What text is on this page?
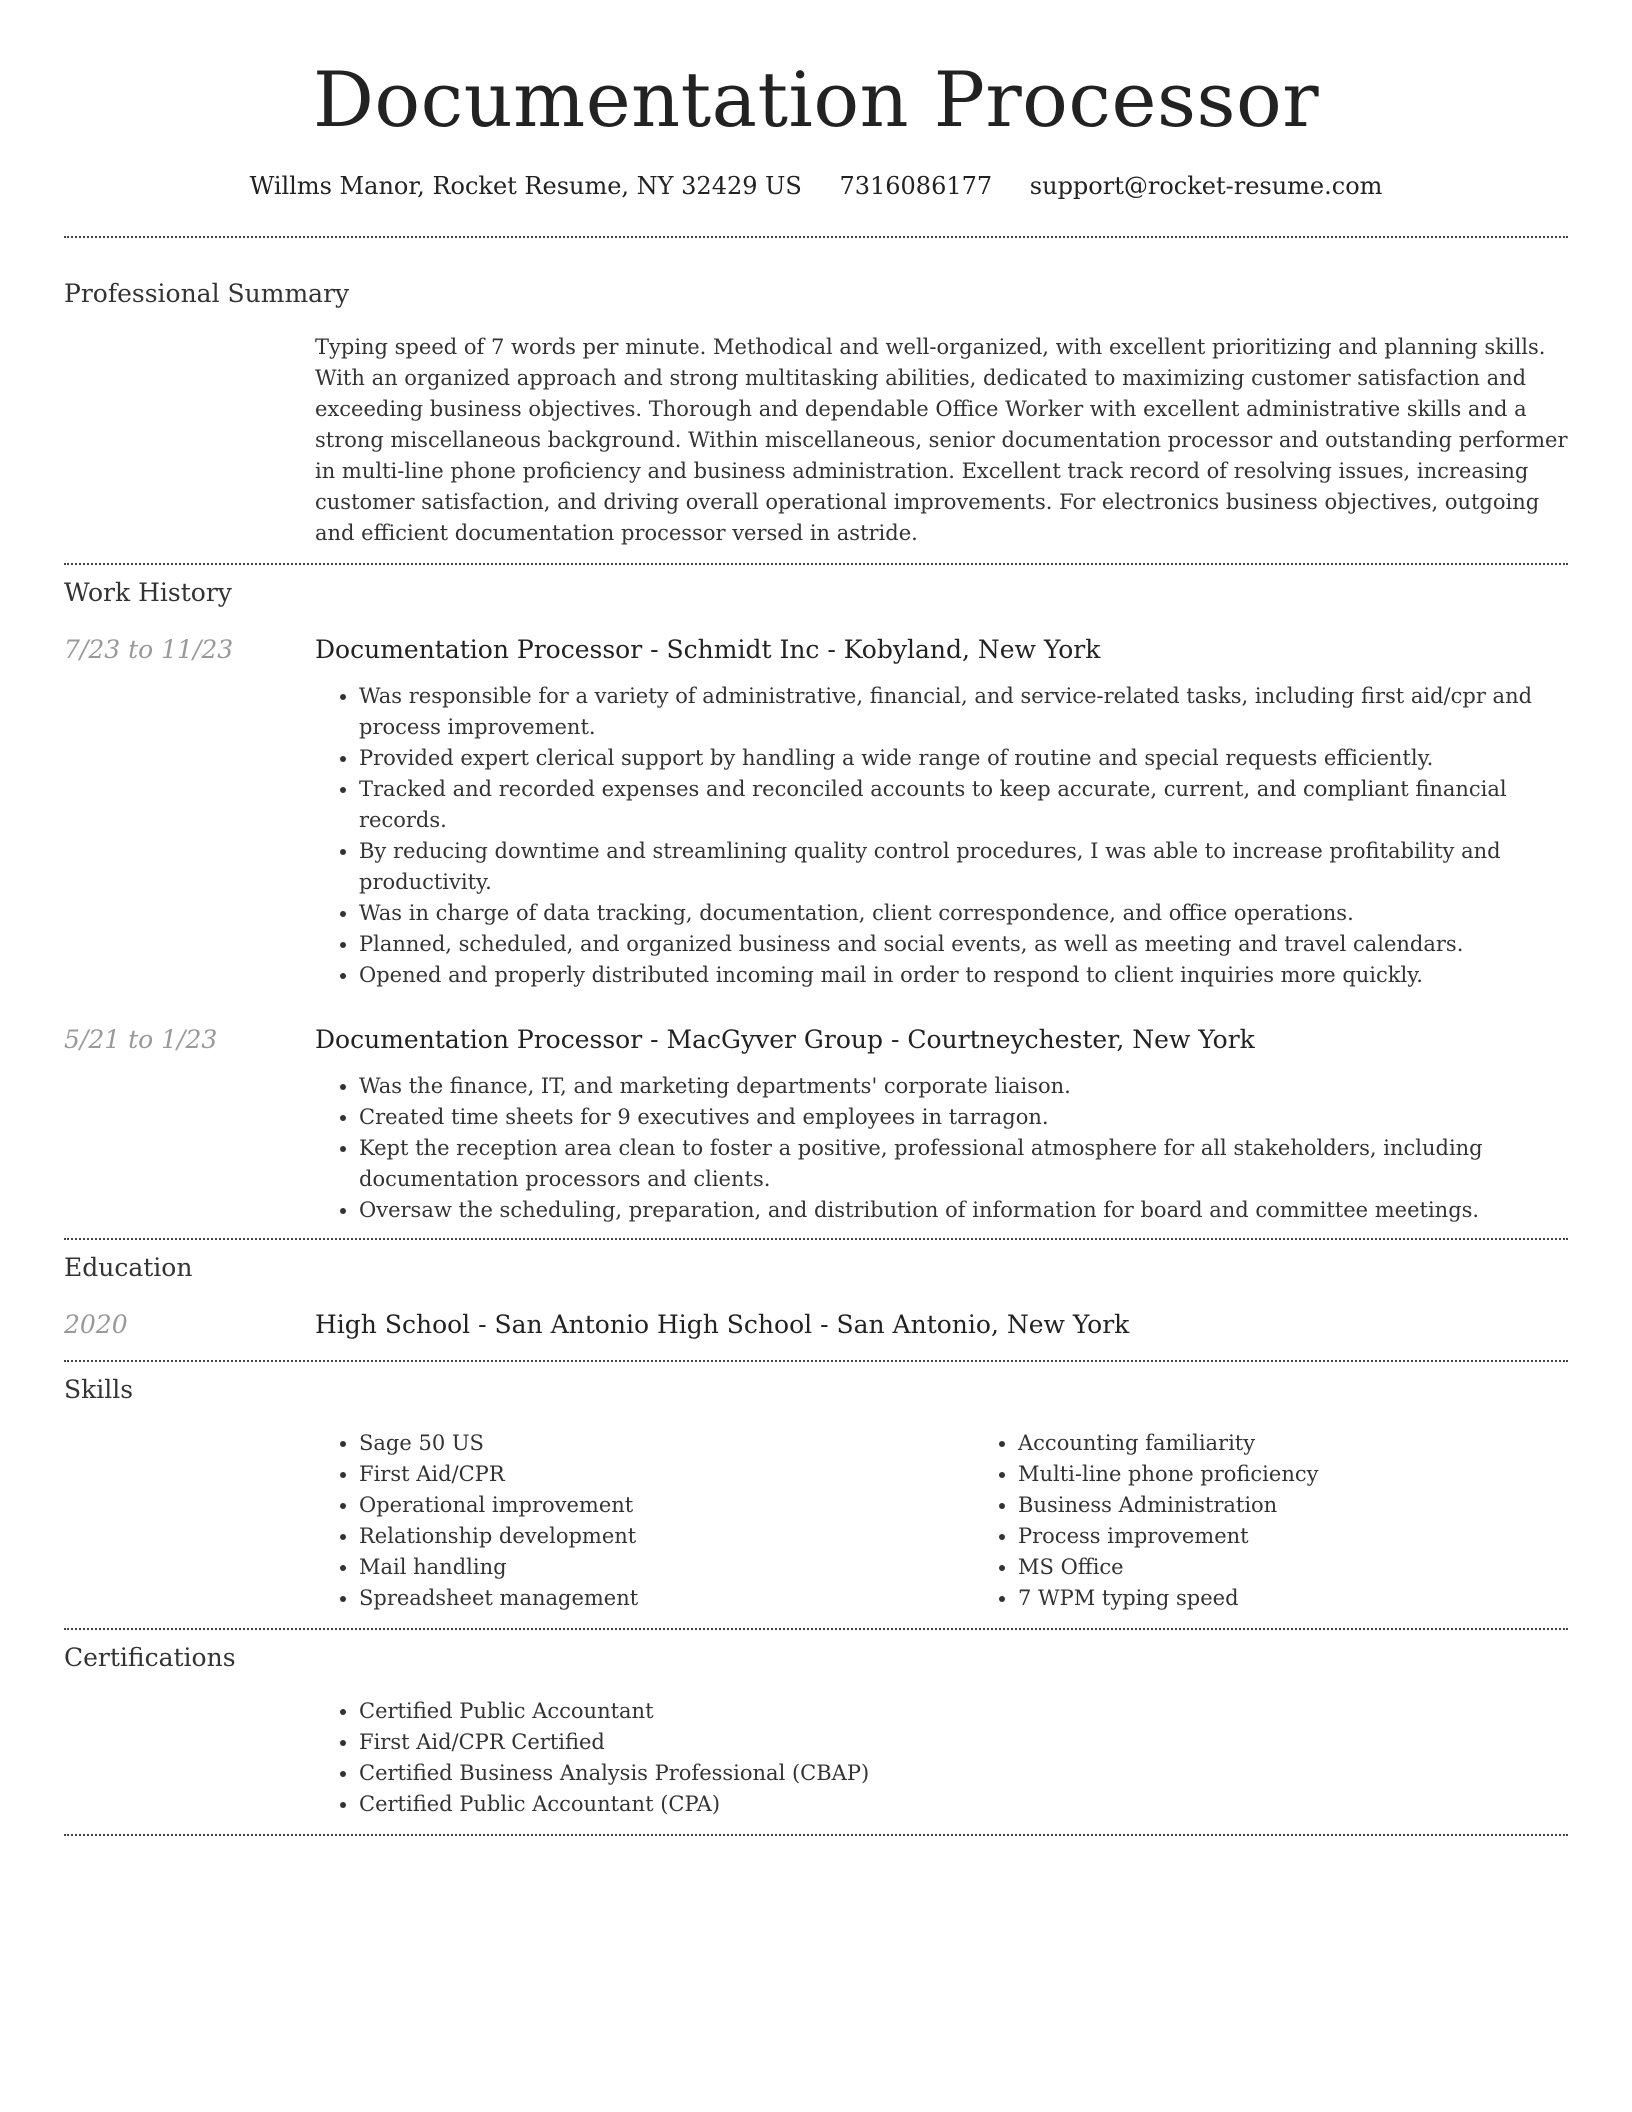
Documentation Processor
Willms Manor, Rocket Resume, NY 32429 US 7316086177 support@rocket-resume.com
Professional Summary

Typing speed of 7 words per minute. Methodical and well-organized, with excellent prioritizing and planning skills. With an organized approach and strong multitasking abilities, dedicated to maximizing customer satisfaction and exceeding business objectives. Thorough and dependable Office Worker with excellent administrative skills and a strong miscellaneous background. Within miscellaneous, senior documentation processor and outstanding performer in multi-line phone proficiency and business administration. Excellent track record of resolving issues, increasing customer satisfaction, and driving overall operational improvements. For electronics business objectives, outgoing and efficient documentation processor versed in astride.

Work History
7/23 to 11/23	Documentation Processor - Schmidt Inc - Kobyland, New York
• Was responsible for a variety of administrative, financial, and service-related tasks, including first aid/cpr and process improvement.
• Provided expert clerical support by handling a wide range of routine and special requests efficiently.
• Tracked and recorded expenses and reconciled accounts to keep accurate, current, and compliant financial records.
• By reducing downtime and streamlining quality control procedures, I was able to increase profitability and productivity.
• Was in charge of data tracking, documentation, client correspondence, and office operations.
• Planned, scheduled, and organized business and social events, as well as meeting and travel calendars.
• Opened and properly distributed incoming mail in order to respond to client inquiries more quickly.
5/21 to 1/23	Documentation Processor - MacGyver Group - Courtneychester, New York
• Was the finance, IT, and marketing departments' corporate liaison.
• Created time sheets for 9 executives and employees in tarragon.
• Kept the reception area clean to foster a positive, professional atmosphere for all stakeholders, including documentation processors and clients.
• Oversaw the scheduling, preparation, and distribution of information for board and committee meetings.
Education
2020	High School - San Antonio High School - San Antonio, New York
Skills
• Sage 50 US
• First Aid/CPR
• Operational improvement
• Relationship development
• Mail handling
• Spreadsheet management
• Accounting familiarity
• Multi-line phone proficiency
• Business Administration
• Process improvement
• MS Office
• 7 WPM typing speed
Certifications
• Certified Public Accountant
• First Aid/CPR Certified
• Certified Business Analysis Professional (CBAP)
• Certified Public Accountant (CPA)
